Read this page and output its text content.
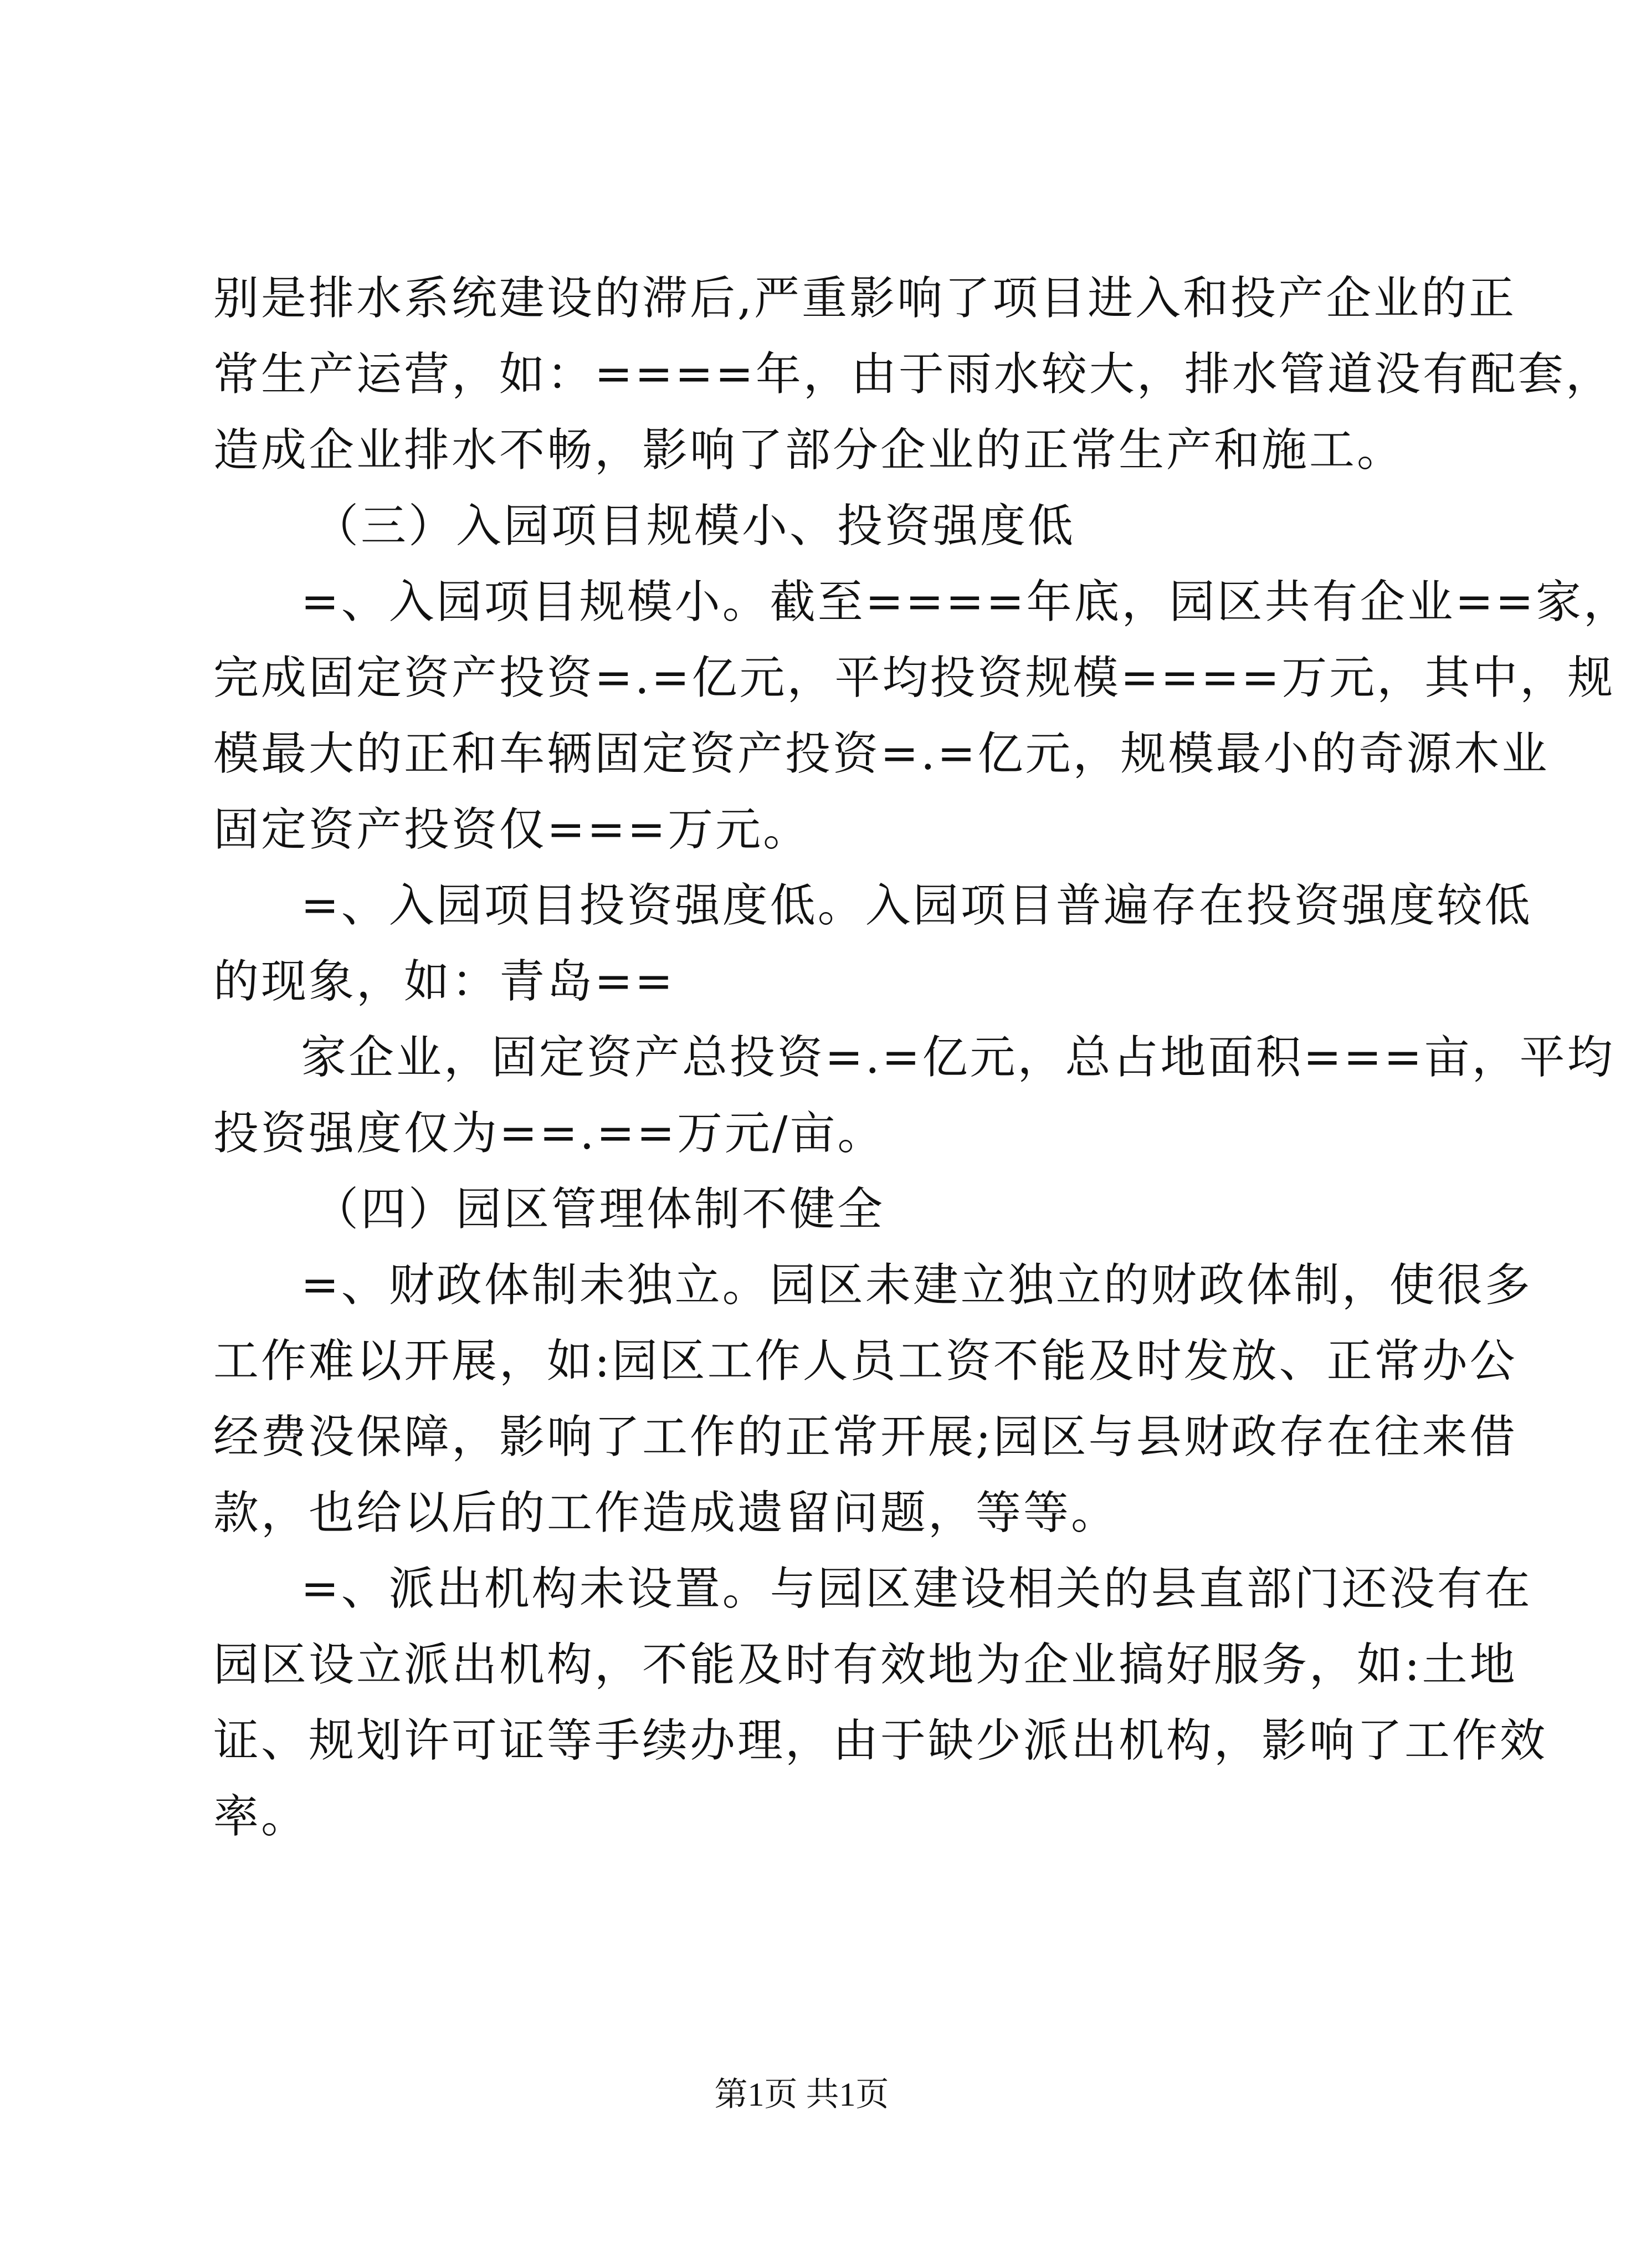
别是排水系统建设的滞后,严重影响了项目进入和投产企业的正
常生产运营，如：====年，由于雨水较大，排水管道没有配套，
造成企业排水不畅，影响了部分企业的正常生产和施工。
（三）入园项目规模小、投资强度低
=、入园项目规模小。截至====年底，园区共有企业==家，
完成固定资产投资=.=亿元，平均投资规模====万元，其中，规
模最大的正和车辆固定资产投资=.=亿元，规模最小的奇源木业
固定资产投资仅===万元。
=、入园项目投资强度低。入园项目普遍存在投资强度较低
的现象，如：青岛==
家企业，固定资产总投资=.=亿元，总占地面积===亩，平均
投资强度仅为==.==万元/亩。
（四）园区管理体制不健全
=、财政体制未独立。园区未建立独立的财政体制，使很多
工作难以开展，如:园区工作人员工资不能及时发放、正常办公
经费没保障，影响了工作的正常开展;园区与县财政存在往来借
款，也给以后的工作造成遗留问题，等等。
=、派出机构未设置。与园区建设相关的县直部门还没有在
园区设立派出机构，不能及时有效地为企业搞好服务，如:土地
证、规划许可证等手续办理，由于缺少派出机构，影响了工作效
率。
第1页 共1页
